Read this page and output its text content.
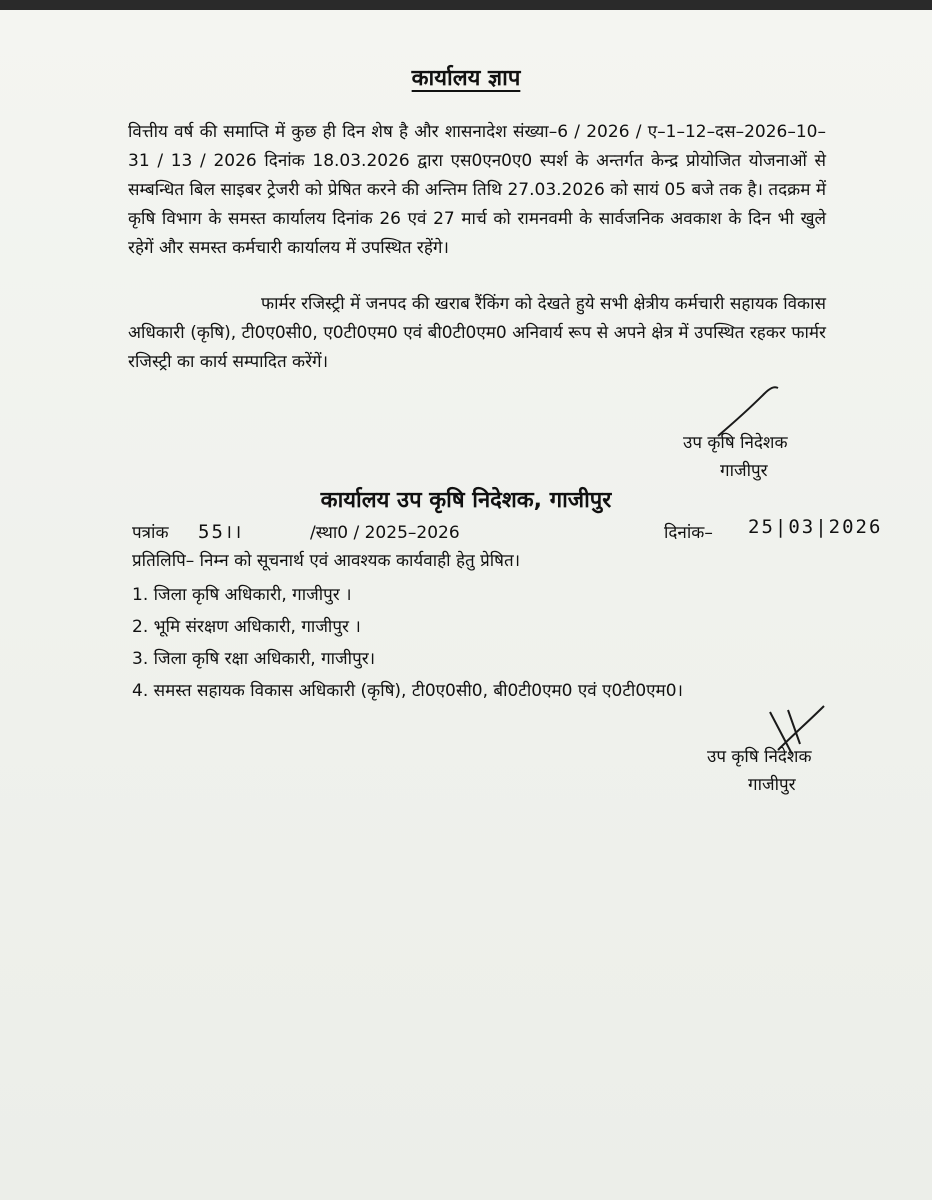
कार्यालय ज्ञाप

वित्तीय वर्ष की समाप्ति में कुछ ही दिन शेष है और शासनादेश संख्या–6 / 2026 / ए–1–12–दस–2026–10–31 / 13 / 2026 दिनांक 18.03.2026 द्वारा एस0एन0ए0 स्पर्श के अन्तर्गत केन्द्र प्रोयोजित योजनाओं से सम्बन्धित बिल साइबर ट्रेजरी को प्रेषित करने की अन्तिम तिथि 27.03.2026 को सायं 05 बजे तक है। तदक्रम में कृषि विभाग के समस्त कार्यालय दिनांक 26 एवं 27 मार्च को रामनवमी के सार्वजनिक अवकाश के दिन भी खुले रहेगें और समस्त कर्मचारी कार्यालय में उपस्थित रहेंगे।

फार्मर रजिस्ट्री में जनपद की खराब रैंकिंग को देखते हुये सभी क्षेत्रीय कर्मचारी सहायक विकास अधिकारी (कृषि), टी0ए0सी0, ए0टी0एम0 एवं बी0टी0एम0 अनिवार्य रूप से अपने क्षेत्र में उपस्थित रहकर फार्मर रजिस्ट्री का कार्य सम्पादित करेंगें।

उप कृषि निदेशक
गाजीपुर
कार्यालय उप कृषि निदेशक, गाजीपुर
पत्रांक 55।।	/स्था0 / 2025–2026	दिनांक– 25|03|2026
प्रतिलिपि– निम्न को सूचनार्थ एवं आवश्यक कार्यवाही हेतु प्रेषित।
1. जिला कृषि अधिकारी, गाजीपुर ।
2. भूमि संरक्षण अधिकारी, गाजीपुर ।
3. जिला कृषि रक्षा अधिकारी, गाजीपुर।
4. समस्त सहायक विकास अधिकारी (कृषि), टी0ए0सी0, बी0टी0एम0 एवं ए0टी0एम0।
उप कृषि निदेशक
गाजीपुर
